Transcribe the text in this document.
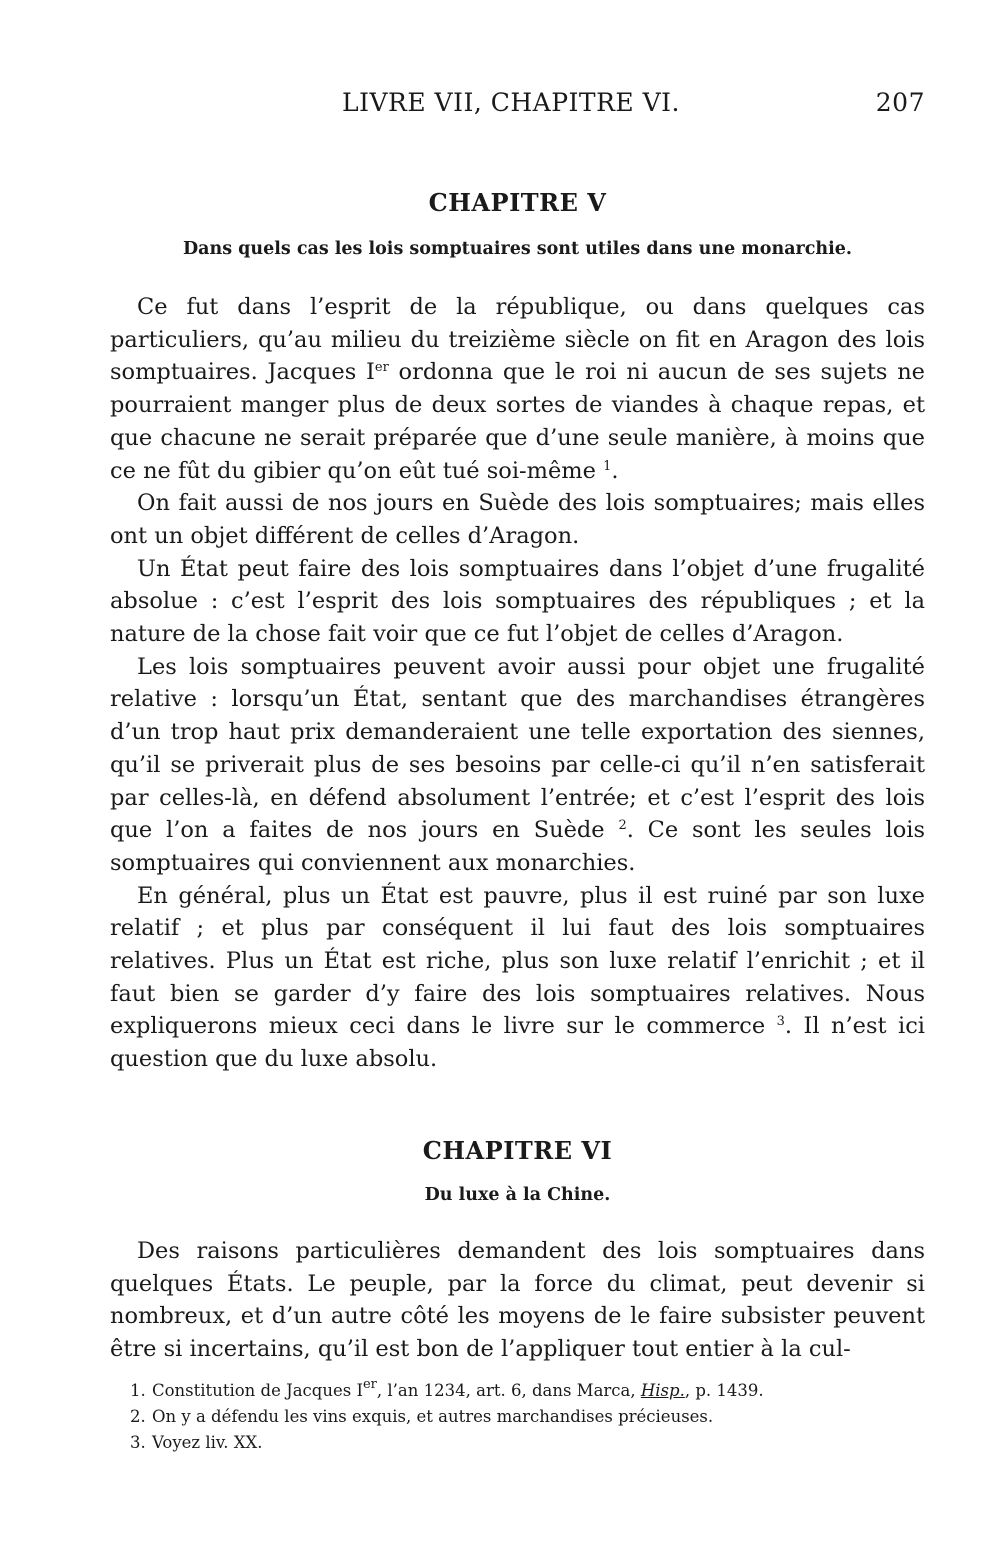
LIVRE VII, CHAPITRE VI.	207
CHAPITRE V
Dans quels cas les lois somptuaires sont utiles dans une monarchie.

Ce fut dans l’esprit de la république, ou dans quelques cas particuliers, qu’au milieu du treizième siècle on fit en Aragon des lois somptuaires. Jacques Ier ordonna que le roi ni aucun de ses sujets ne pourraient manger plus de deux sortes de viandes à chaque repas, et que chacune ne serait préparée que d’une seule manière, à moins que ce ne fût du gibier qu’on eût tué soi-même $^1$.

On fait aussi de nos jours en Suède des lois somptuaires; mais elles ont un objet différent de celles d’Aragon.

Un État peut faire des lois somptuaires dans l’objet d’une frugalité absolue : c’est l’esprit des lois somptuaires des républiques ; et la nature de la chose fait voir que ce fut l’objet de celles d’Aragon.

Les lois somptuaires peuvent avoir aussi pour objet une frugalité relative : lorsqu’un État, sentant que des marchandises étrangères d’un trop haut prix demanderaient une telle exportation des siennes, qu’il se priverait plus de ses besoins par celle-ci qu’il n’en satisferait par celles-là, en défend absolument l’entrée; et c’est l’esprit des lois que l’on a faites de nos jours en Suède $^2$. Ce sont les seules lois somptuaires qui conviennent aux monarchies.

En général, plus un État est pauvre, plus il est ruiné par son luxe relatif ; et plus par conséquent il lui faut des lois somptuaires relatives. Plus un État est riche, plus son luxe relatif l’enrichit ; et il faut bien se garder d’y faire des lois somptuaires relatives. Nous expliquerons mieux ceci dans le livre sur le commerce $^3$. Il n’est ici question que du luxe absolu.

CHAPITRE VI
Du luxe à la Chine.

Des raisons particulières demandent des lois somptuaires dans quelques États. Le peuple, par la force du climat, peut devenir si nombreux, et d’un autre côté les moyens de le faire subsister peuvent être si incertains, qu’il est bon de l’appliquer tout entier à la cul-

1. Constitution de Jacques Ier, l’an 1234, art. 6, dans Marca, Hisp., p. 1439.
2. On y a défendu les vins exquis, et autres marchandises précieuses.
3. Voyez liv. XX.
